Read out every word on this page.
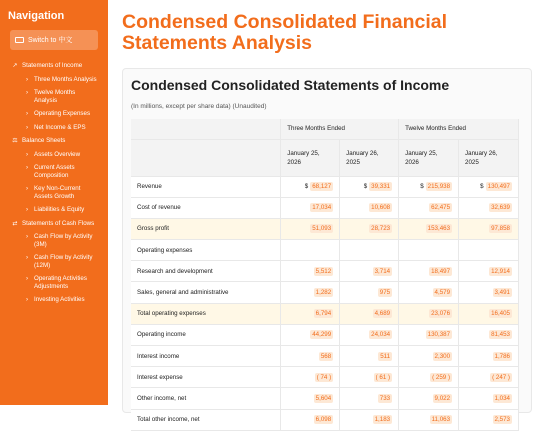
Navigation
Switch to 中文
↗ Statements of Income
› Three Months Analysis
› Twelve Months Analysis
› Operating Expenses
› Net Income & EPS
⚖ Balance Sheets
› Assets Overview
› Current Assets Composition
› Key Non-Current Assets Growth
› Liabilities & Equity
⇄ Statements of Cash Flows
› Cash Flow by Activity (3M)
› Cash Flow by Activity (12M)
› Operating Activities Adjustments
› Investing Activities
Condensed Consolidated Financial Statements Analysis
Condensed Consolidated Statements of Income
(In millions, except per share data) (Unaudited)
	Three Months Ended		Twelve Months Ended	
	January 25, 2026	January 26, 2025	January 25, 2026	January 26, 2025
Revenue	$ 68,127	$ 39,331	$ 215,938	$ 130,497
Cost of revenue	17,034	10,608	62,475	32,639
Gross profit	51,093	28,723	153,463	97,858
Operating expenses				
Research and development	5,512	3,714	18,497	12,914
Sales, general and administrative	1,282	975	4,579	3,491
Total operating expenses	6,794	4,689	23,076	16,405
Operating income	44,299	24,034	130,387	81,453
Interest income	568	511	2,300	1,786
Interest expense	( 74 )	( 61 )	( 259 )	( 247 )
Other income, net	5,604	733	9,022	1,034
Total other income, net	6,098	1,183	11,063	2,573
